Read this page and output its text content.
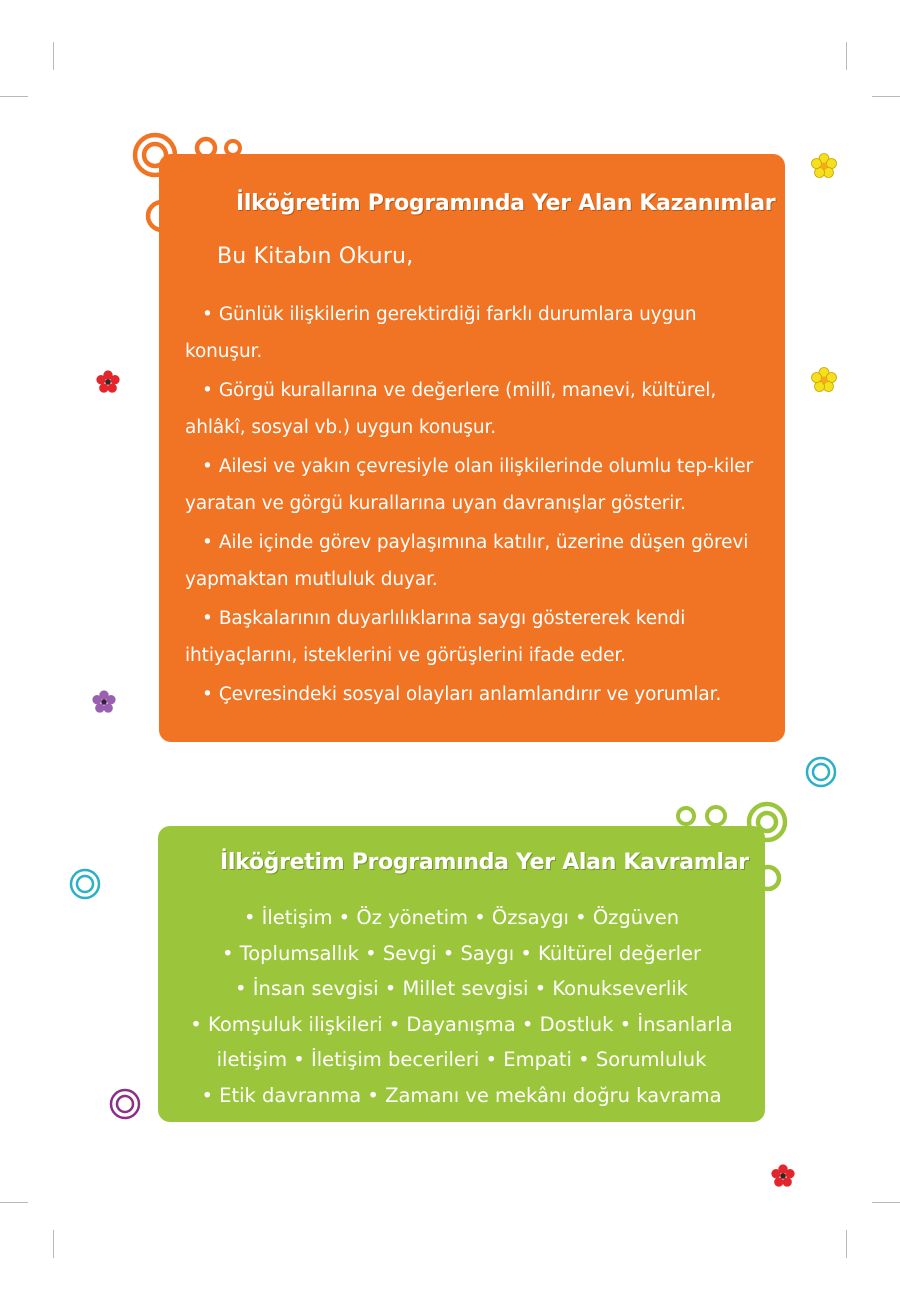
İlköğretim Programında Yer Alan Kazanımlar
Bu Kitabın Okuru,
• Günlük ilişkilerin gerektirdiği farklı durumlara uygun konuşur.
• Görgü kurallarına ve değerlere (millî, manevi, kültürel, ahlâkî, sosyal vb.) uygun konuşur.
• Ailesi ve yakın çevresiyle olan ilişkilerinde olumlu tep-kiler yaratan ve görgü kurallarına uyan davranışlar gösterir.
• Aile içinde görev paylaşımına katılır, üzerine düşen görevi yapmaktan mutluluk duyar.
• Başkalarının duyarlılıklarına saygı göstererek kendi ihtiyaçlarını, isteklerini ve görüşlerini ifade eder.
• Çevresindeki sosyal olayları anlamlandırır ve yorumlar.
İlköğretim Programında Yer Alan Kavramlar
• İletişim • Öz yönetim • Özsaygı • Özgüven
• Toplumsallık • Sevgi • Saygı • Kültürel değerler
• İnsan sevgisi • Millet sevgisi • Konukseverlik
• Komşuluk ilişkileri • Dayanışma • Dostluk • İnsanlarla
iletişim • İletişim becerileri • Empati • Sorumluluk
• Etik davranma • Zamanı ve mekânı doğru kavrama
